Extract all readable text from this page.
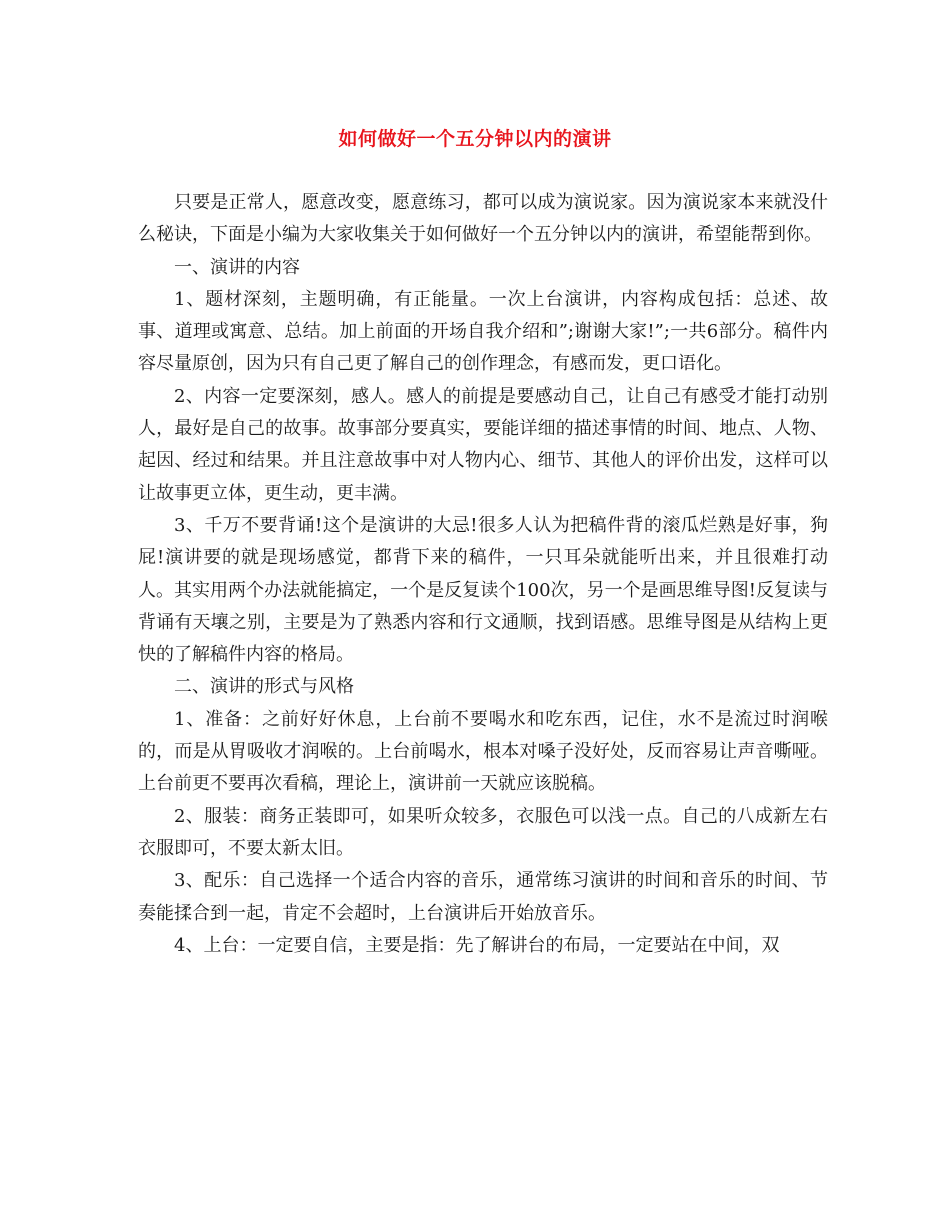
如何做好一个五分钟以内的演讲

只要是正常人，愿意改变，愿意练习，都可以成为演说家。因为演说家本来就没什么秘诀，下面是小编为大家收集关于如何做好一个五分钟以内的演讲，希望能帮到你。

一、演讲的内容

1、题材深刻，主题明确，有正能量。一次上台演讲，内容构成包括：总述、故事、道理或寓意、总结。加上前面的开场自我介绍和”;谢谢大家!”;一共6部分。稿件内容尽量原创，因为只有自己更了解自己的创作理念，有感而发，更口语化。

2、内容一定要深刻，感人。感人的前提是要感动自己，让自己有感受才能打动别人，最好是自己的故事。故事部分要真实，要能详细的描述事情的时间、地点、人物、起因、经过和结果。并且注意故事中对人物内心、细节、其他人的评价出发，这样可以让故事更立体，更生动，更丰满。

3、千万不要背诵!这个是演讲的大忌!很多人认为把稿件背的滚瓜烂熟是好事，狗屁!演讲要的就是现场感觉，都背下来的稿件，一只耳朵就能听出来，并且很难打动人。其实用两个办法就能搞定，一个是反复读个100次，另一个是画思维导图!反复读与背诵有天壤之别，主要是为了熟悉内容和行文通顺，找到语感。思维导图是从结构上更快的了解稿件内容的格局。

二、演讲的形式与风格

1、准备：之前好好休息，上台前不要喝水和吃东西，记住，水不是流过时润喉的，而是从胃吸收才润喉的。上台前喝水，根本对嗓子没好处，反而容易让声音嘶哑。上台前更不要再次看稿，理论上，演讲前一天就应该脱稿。

2、服装：商务正装即可，如果听众较多，衣服色可以浅一点。自己的八成新左右衣服即可，不要太新太旧。

3、配乐：自己选择一个适合内容的音乐，通常练习演讲的时间和音乐的时间、节奏能揉合到一起，肯定不会超时，上台演讲后开始放音乐。

4、上台：一定要自信，主要是指：先了解讲台的布局，一定要站在中间，双
